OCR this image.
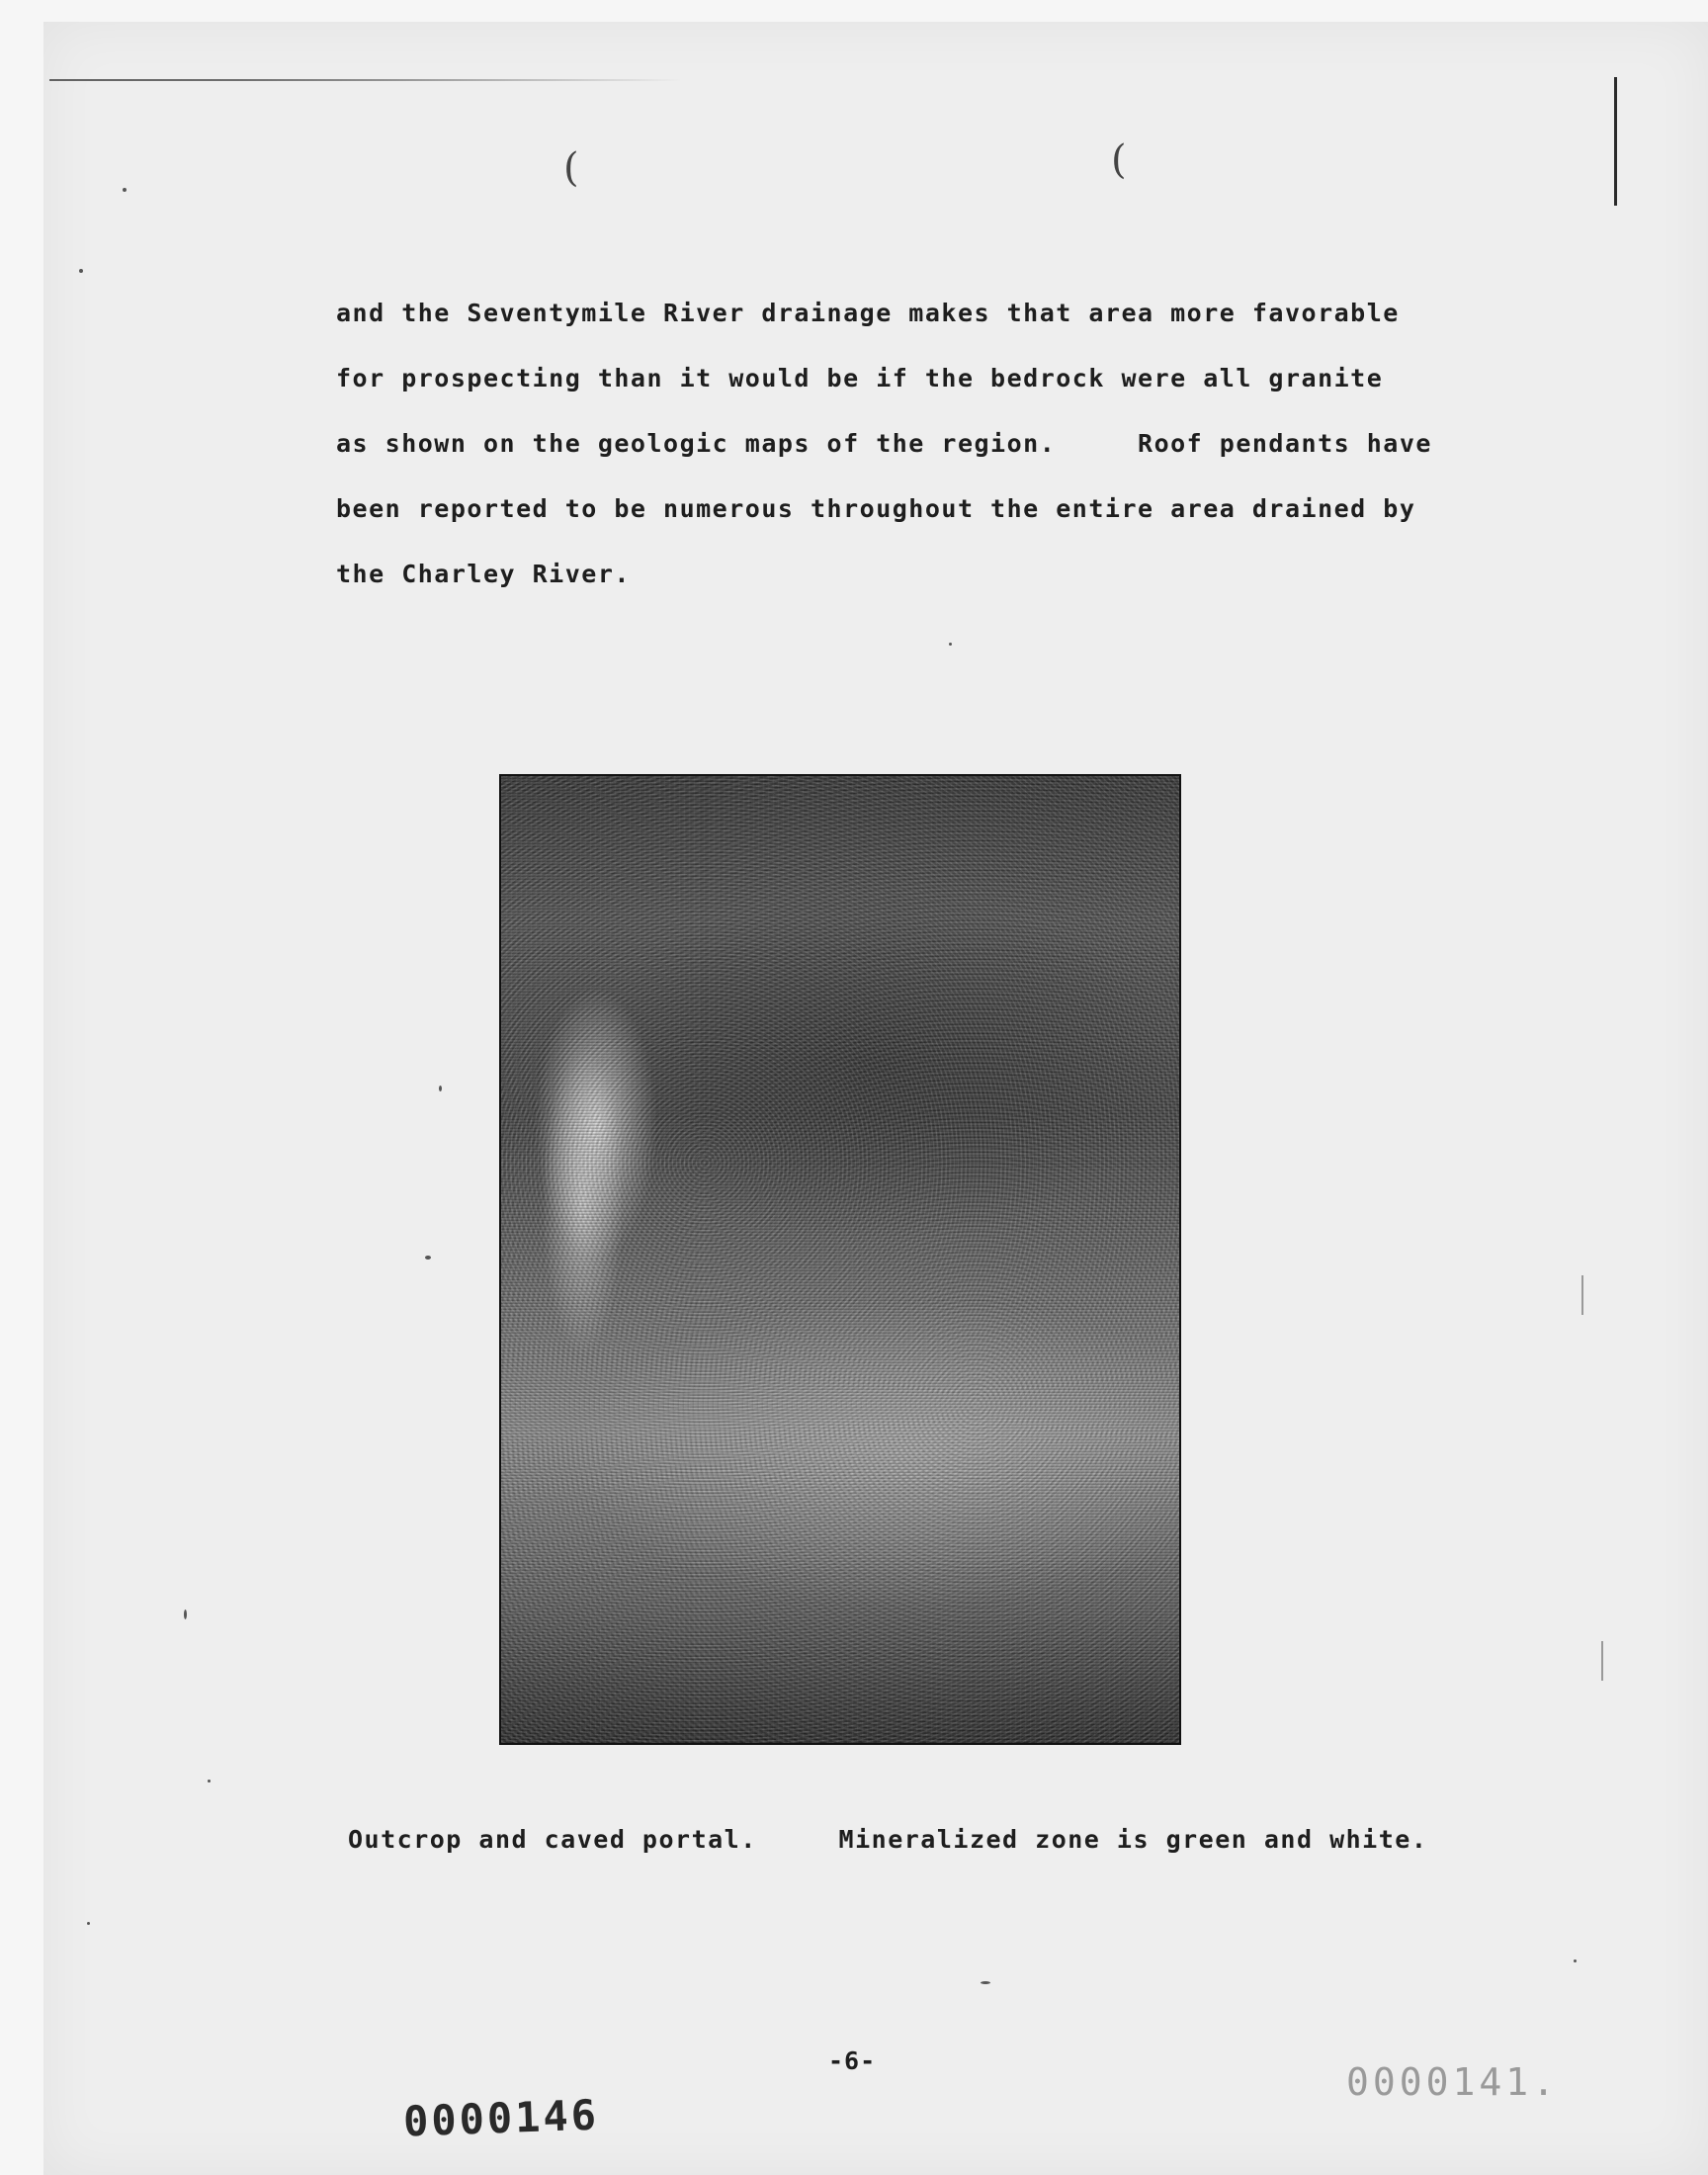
(	(
and the Seventymile River drainage makes that area more favorable
for prospecting than it would be if the bedrock were all granite
as shown on the geologic maps of the region.     Roof pendants have
been reported to be numerous throughout the entire area drained by
the Charley River.
Outcrop and caved portal.     Mineralized zone is green and white.
-6-
0000146
0000141.
